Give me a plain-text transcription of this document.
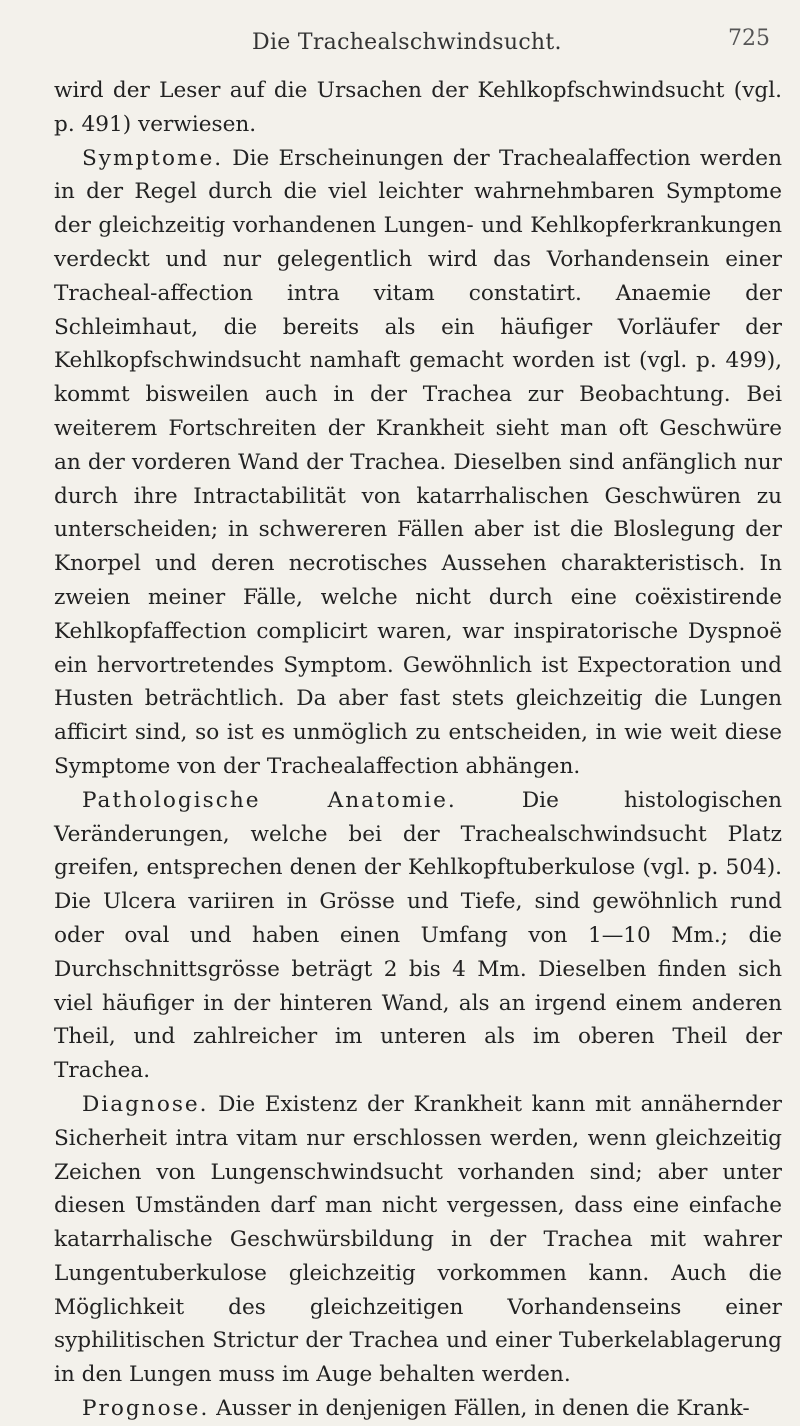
Die Trachealschwindsucht.	725

wird der Leser auf die Ursachen der Kehlkopfschwindsucht (vgl. p. 491) verwiesen.

Symptome. Die Erscheinungen der Trachealaffection werden in der Regel durch die viel leichter wahrnehmbaren Symptome der gleichzeitig vorhandenen Lungen- und Kehlkopferkrankungen verdeckt und nur gelegentlich wird das Vorhandensein einer Tracheal-affection intra vitam constatirt. Anaemie der Schleimhaut, die bereits als ein häufiger Vorläufer der Kehlkopfschwindsucht namhaft gemacht worden ist (vgl. p. 499), kommt bisweilen auch in der Trachea zur Beobachtung. Bei weiterem Fortschreiten der Krankheit sieht man oft Geschwüre an der vorderen Wand der Trachea. Dieselben sind anfänglich nur durch ihre Intractabilität von katarrhalischen Geschwüren zu unterscheiden; in schwereren Fällen aber ist die Bloslegung der Knorpel und deren necrotisches Aussehen charakteristisch. In zweien meiner Fälle, welche nicht durch eine coëxistirende Kehlkopfaffection complicirt waren, war inspiratorische Dyspnoë ein hervortretendes Symptom. Gewöhnlich ist Expectoration und Husten beträchtlich. Da aber fast stets gleichzeitig die Lungen afficirt sind, so ist es unmöglich zu entscheiden, in wie weit diese Symptome von der Trachealaffection abhängen.

Pathologische Anatomie. Die histologischen Veränderungen, welche bei der Trachealschwindsucht Platz greifen, entsprechen denen der Kehlkopftuberkulose (vgl. p. 504). Die Ulcera variiren in Grösse und Tiefe, sind gewöhnlich rund oder oval und haben einen Umfang von 1—10 Mm.; die Durchschnittsgrösse beträgt 2 bis 4 Mm. Dieselben finden sich viel häufiger in der hinteren Wand, als an irgend einem anderen Theil, und zahlreicher im unteren als im oberen Theil der Trachea.

Diagnose. Die Existenz der Krankheit kann mit annähernder Sicherheit intra vitam nur erschlossen werden, wenn gleichzeitig Zeichen von Lungenschwindsucht vorhanden sind; aber unter diesen Umständen darf man nicht vergessen, dass eine einfache katarrhalische Geschwürsbildung in der Trachea mit wahrer Lungentuberkulose gleichzeitig vorkommen kann. Auch die Möglichkeit des gleichzeitigen Vorhandenseins einer syphilitischen Strictur der Trachea und einer Tuberkelablagerung in den Lungen muss im Auge behalten werden.

Prognose. Ausser in denjenigen Fällen, in denen die Krank-
